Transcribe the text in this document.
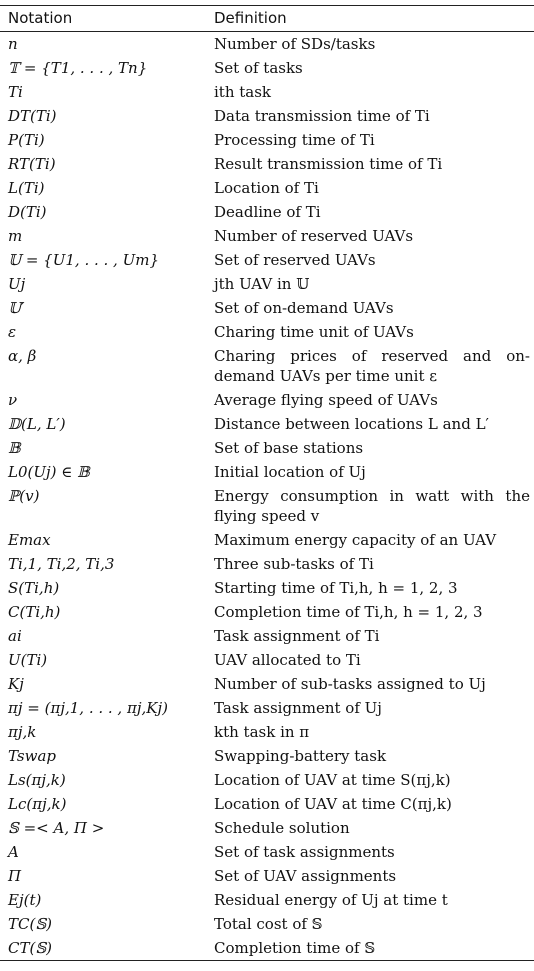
Notation	Definition
n	Number of SDs/tasks
𝕋 = {T1, . . . , Tn}	Set of tasks
Ti	ith task
DT(Ti)	Data transmission time of Ti
P(Ti)	Processing time of Ti
RT(Ti)	Result transmission time of Ti
L(Ti)	Location of Ti
D(Ti)	Deadline of Ti
m	Number of reserved UAVs
𝕌 = {U1, . . . , Um}	Set of reserved UAVs
Uj	jth UAV in 𝕌
𝕌′	Set of on-demand UAVs
ε	Charing time unit of UAVs
α, β	Charing prices of reserved and on-demand UAVs per time unit ε
ν	Average flying speed of UAVs
𝔻(L, L′)	Distance between locations L and L′
𝔹	Set of base stations
L0(Uj) ∈ 𝔹	Initial location of Uj
ℙ(v)	Energy consumption in watt with the flying speed v
Emax	Maximum energy capacity of an UAV
Ti,1, Ti,2, Ti,3	Three sub-tasks of Ti
S(Ti,h)	Starting time of Ti,h, h = 1, 2, 3
C(Ti,h)	Completion time of Ti,h, h = 1, 2, 3
ai	Task assignment of Ti
U(Ti)	UAV allocated to Ti
Kj	Number of sub-tasks assigned to Uj
πj = (πj,1, . . . , πj,Kj)	Task assignment of Uj
πj,k	kth task in π
Tswap	Swapping-battery task
Ls(πj,k)	Location of UAV at time S(πj,k)
Lc(πj,k)	Location of UAV at time C(πj,k)
𝕊 =< A, Π >	Schedule solution
A	Set of task assignments
Π	Set of UAV assignments
Ej(t)	Residual energy of Uj at time t
TC(𝕊)	Total cost of 𝕊
CT(𝕊)	Completion time of 𝕊
